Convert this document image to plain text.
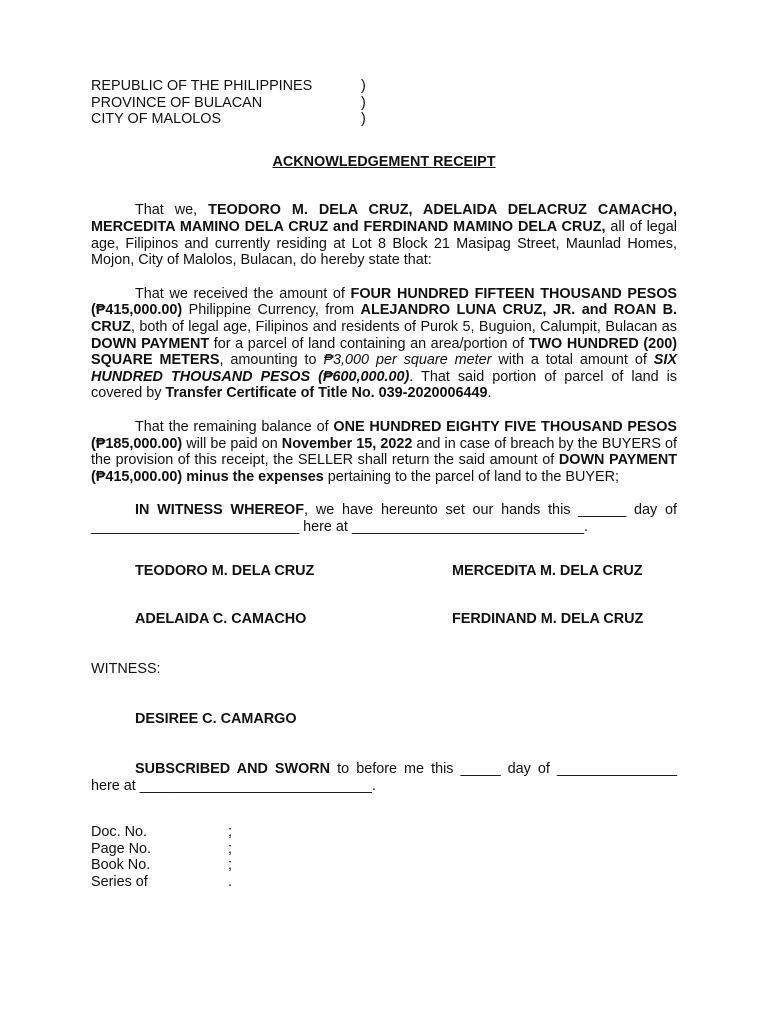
REPUBLIC OF THE PHILIPPINES	)
PROVINCE OF BULACAN	)
CITY OF MALOLOS	)
ACKNOWLEDGEMENT RECEIPT

That we, TEODORO M. DELA CRUZ, ADELAIDA DELACRUZ CAMACHO, MERCEDITA MAMINO DELA CRUZ and FERDINAND MAMINO DELA CRUZ, all of legal age, Filipinos and currently residing at Lot 8 Block 21 Masipag Street, Maunlad Homes, Mojon, City of Malolos, Bulacan, do hereby state that:

That we received the amount of FOUR HUNDRED FIFTEEN THOUSAND PESOS (₱415,000.00) Philippine Currency, from ALEJANDRO LUNA CRUZ, JR. and ROAN B. CRUZ, both of legal age, Filipinos and residents of Purok 5, Buguion, Calumpit, Bulacan as DOWN PAYMENT for a parcel of land containing an area/portion of TWO HUNDRED (200) SQUARE METERS, amounting to ₱3,000 per square meter with a total amount of SIX HUNDRED THOUSAND PESOS (₱600,000.00). That said portion of parcel of land is covered by Transfer Certificate of Title No. 039-2020006449.

That the remaining balance of ONE HUNDRED EIGHTY FIVE THOUSAND PESOS (₱185,000.00) will be paid on November 15, 2022 and in case of breach by the BUYERS of the provision of this receipt, the SELLER shall return the said amount of DOWN PAYMENT (₱415,000.00) minus the expenses pertaining to the parcel of land to the BUYER;

IN WITNESS WHEREOF, we have hereunto set our hands this ______ day of __________________________ here at _____________________________.

TEODORO M. DELA CRUZ	MERCEDITA M. DELA CRUZ
ADELAIDA C. CAMACHO	FERDINAND M. DELA CRUZ
WITNESS:
DESIREE C. CAMARGO

SUBSCRIBED AND SWORN to before me this _____ day of _______________ here at _____________________________.

Doc. No.	;
Page No.	;
Book No.	;
Series of	.
